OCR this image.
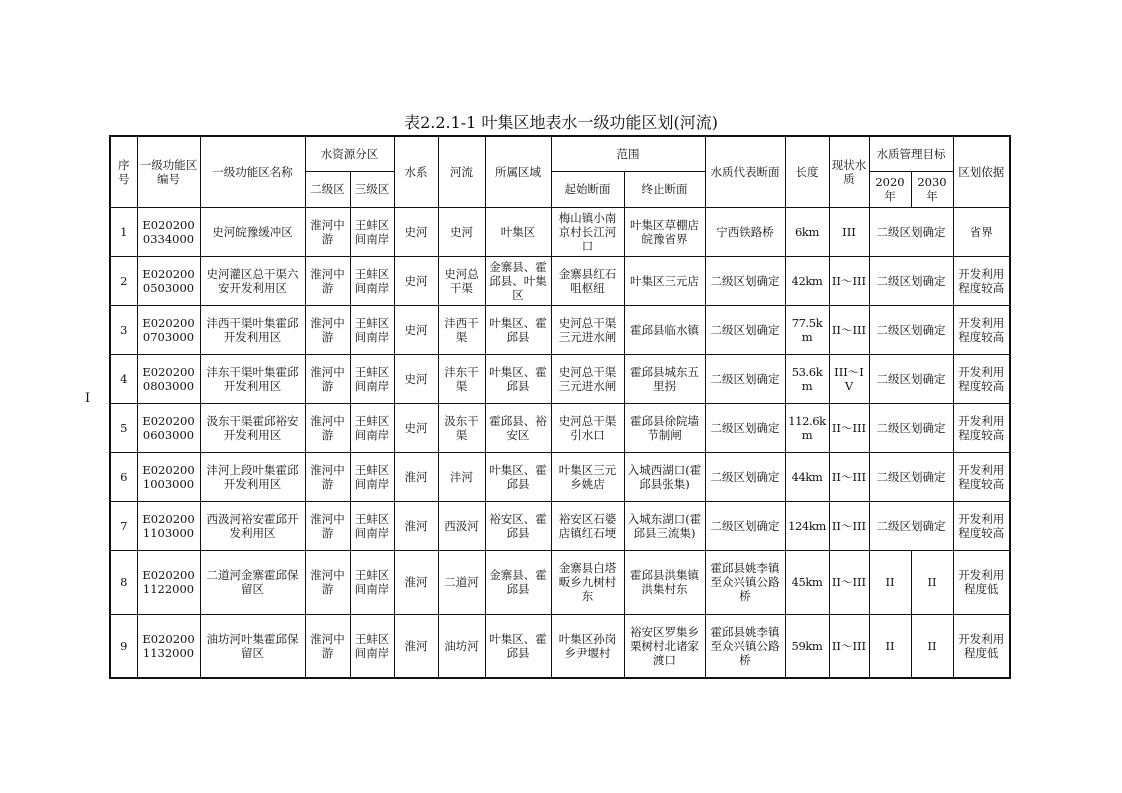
表2.2.1-1 叶集区地表水一级功能区划(河流)
I
序号	一级功能区编号	一级功能区名称	水资源分区		水系	河流	所属区域	范围		水质代表断面	长度	现状水质	水质管理目标		区划依据
			二级区	三级区				起始断面	终止断面				2020年	2030年	
1	E0202000334000	史河皖豫缓冲区	淮河中游	王蚌区间南岸	史河	史河	叶集区	梅山镇小南京村长江河口	叶集区草棚店皖豫省界	宁西铁路桥	6km	III	二级区划确定		省界
2	E0202000503000	史河灌区总干渠六安开发利用区	淮河中游	王蚌区间南岸	史河	史河总干渠	金寨县、霍邱县、叶集区	金寨县红石咀枢纽	叶集区三元店	二级区划确定	42km	II～III	二级区划确定		开发利用程度较高
3	E0202000703000	沣西干渠叶集霍邱开发利用区	淮河中游	王蚌区间南岸	史河	沣西干渠	叶集区、霍邱县	史河总干渠三元进水闸	霍邱县临水镇	二级区划确定	77.5km	II～III	二级区划确定		开发利用程度较高
4	E0202000803000	沣东干渠叶集霍邱开发利用区	淮河中游	王蚌区间南岸	史河	沣东干渠	叶集区、霍邱县	史河总干渠三元进水闸	霍邱县城东五里拐	二级区划确定	53.6km	III～IV	二级区划确定		开发利用程度较高
5	E0202000603000	汲东干渠霍邱裕安开发利用区	淮河中游	王蚌区间南岸	史河	汲东干渠	霍邱县、裕安区	史河总干渠引水口	霍邱县徐院墙节制闸	二级区划确定	112.6km	II～III	二级区划确定		开发利用程度较高
6	E0202001003000	沣河上段叶集霍邱开发利用区	淮河中游	王蚌区间南岸	淮河	沣河	叶集区、霍邱县	叶集区三元乡姚店	入城西湖口(霍邱县张集)	二级区划确定	44km	II～III	二级区划确定		开发利用程度较高
7	E0202001103000	西汲河裕安霍邱开发利用区	淮河中游	王蚌区间南岸	淮河	西汲河	裕安区、霍邱县	裕安区石婆店镇红石埂	入城东湖口(霍邱县三流集)	二级区划确定	124km	II～III	二级区划确定		开发利用程度较高
8	E0202001122000	二道河金寨霍邱保留区	淮河中游	王蚌区间南岸	淮河	二道河	金寨县、霍邱县	金寨县白塔畈乡九树村东	霍邱县洪集镇洪集村东	霍邱县姚李镇至众兴镇公路桥	45km	II～III	II	II	开发利用程度低
9	E0202001132000	油坊河叶集霍邱保留区	淮河中游	王蚌区间南岸	淮河	油坊河	叶集区、霍邱县	叶集区孙岗乡尹堰村	裕安区罗集乡栗树村北诸家渡口	霍邱县姚李镇至众兴镇公路桥	59km	II～III	II	II	开发利用程度低
